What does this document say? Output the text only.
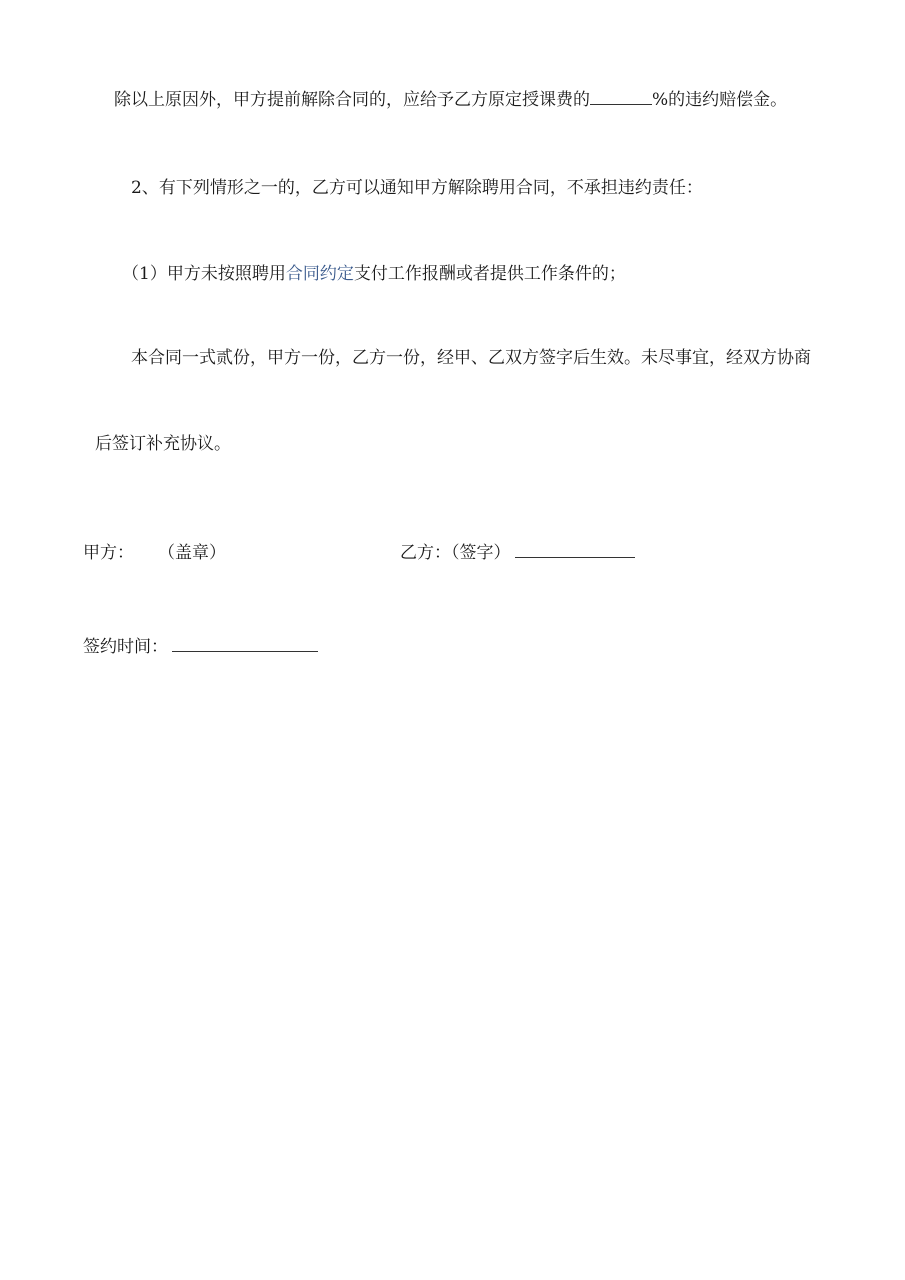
除以上原因外，甲方提前解除合同的，应给予乙方原定授课费的	%的违约赔偿金。
2、有下列情形之一的，乙方可以通知甲方解除聘用合同，不承担违约责任：
（1）甲方未按照聘用合同约定支付工作报酬或者提供工作条件的；
本合同一式贰份，甲方一份，乙方一份，经甲、乙双方签字后生效。未尽事宜，经双方协商
后签订补充协议。
甲方： （盖章）	乙方：（签字）
签约时间：
